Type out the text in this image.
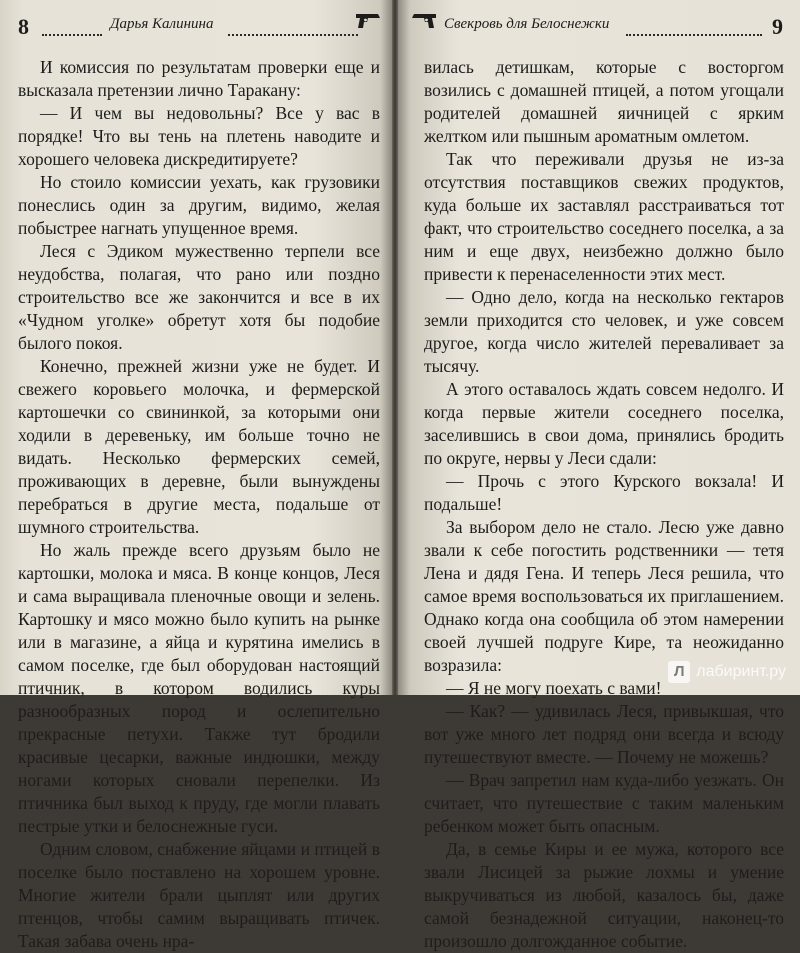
8	Дарья Калинина

И комиссия по результатам проверки еще и высказала претензии лично Таракану:

— И чем вы недовольны? Все у вас в порядке! Что вы тень на плетень наводите и хорошего человека дискредитируете?

Но стоило комиссии уехать, как грузовики понеслись один за другим, видимо, желая побыстрее нагнать упущенное время.

Леся с Эдиком мужественно терпели все неудобства, полагая, что рано или поздно строительство все же закончится и все в их «Чудном уголке» обретут хотя бы подобие былого покоя.

Конечно, прежней жизни уже не будет. И свежего коровьего молочка, и фермерской картошечки со свининкой, за которыми они ходили в деревеньку, им больше точно не видать. Несколько фермерских семей, проживающих в деревне, были вынуждены перебраться в другие места, подальше от шумного строительства.

Но жаль прежде всего друзьям было не картошки, молока и мяса. В конце концов, Леся и сама выращивала пленочные овощи и зелень. Картошку и мясо можно было купить на рынке или в магазине, а яйца и курятина имелись в самом поселке, где был оборудован настоящий птичник, в котором водились куры разнообразных пород и ослепительно прекрасные петухи. Также тут бродили красивые цесарки, важные индюшки, между ногами которых сновали перепелки. Из птичника был выход к пруду, где могли плавать пестрые утки и белоснежные гуси.

Одним словом, снабжение яйцами и птицей в поселке было поставлено на хорошем уровне. Многие жители брали цыплят или других птенцов, чтобы самим выращивать птичек. Такая забава очень нра-

Свекровь для Белоснежки	9

вилась детишкам, которые с восторгом возились с домашней птицей, а потом угощали родителей домашней яичницей с ярким желтком или пышным ароматным омлетом.

Так что переживали друзья не из-за отсутствия поставщиков свежих продуктов, куда больше их заставлял расстраиваться тот факт, что строительство соседнего поселка, а за ним и еще двух, неизбежно должно было привести к перенаселенности этих мест.

— Одно дело, когда на несколько гектаров земли приходится сто человек, и уже совсем другое, когда число жителей переваливает за тысячу.

А этого оставалось ждать совсем недолго. И когда первые жители соседнего поселка, заселившись в свои дома, принялись бродить по округе, нервы у Леси сдали:

— Прочь с этого Курского вокзала! И подальше!

За выбором дело не стало. Лесю уже давно звали к себе погостить родственники — тетя Лена и дядя Гена. И теперь Леся решила, что самое время воспользоваться их приглашением. Однако когда она сообщила об этом намерении своей лучшей подруге Кире, та неожиданно возразила:

— Я не могу поехать с вами!

— Как? — удивилась Леся, привыкшая, что вот уже много лет подряд они всегда и всюду путешествуют вместе. — Почему не можешь?

— Врач запретил нам куда-либо уезжать. Он считает, что путешествие с таким маленьким ребенком может быть опасным.

Да, в семье Киры и ее мужа, которого все звали Лисицей за рыжие лохмы и умение выкручиваться из любой, казалось бы, даже самой безнадежной ситуации, наконец-то произошло долгожданное событие.

Л лабиринт.ру
